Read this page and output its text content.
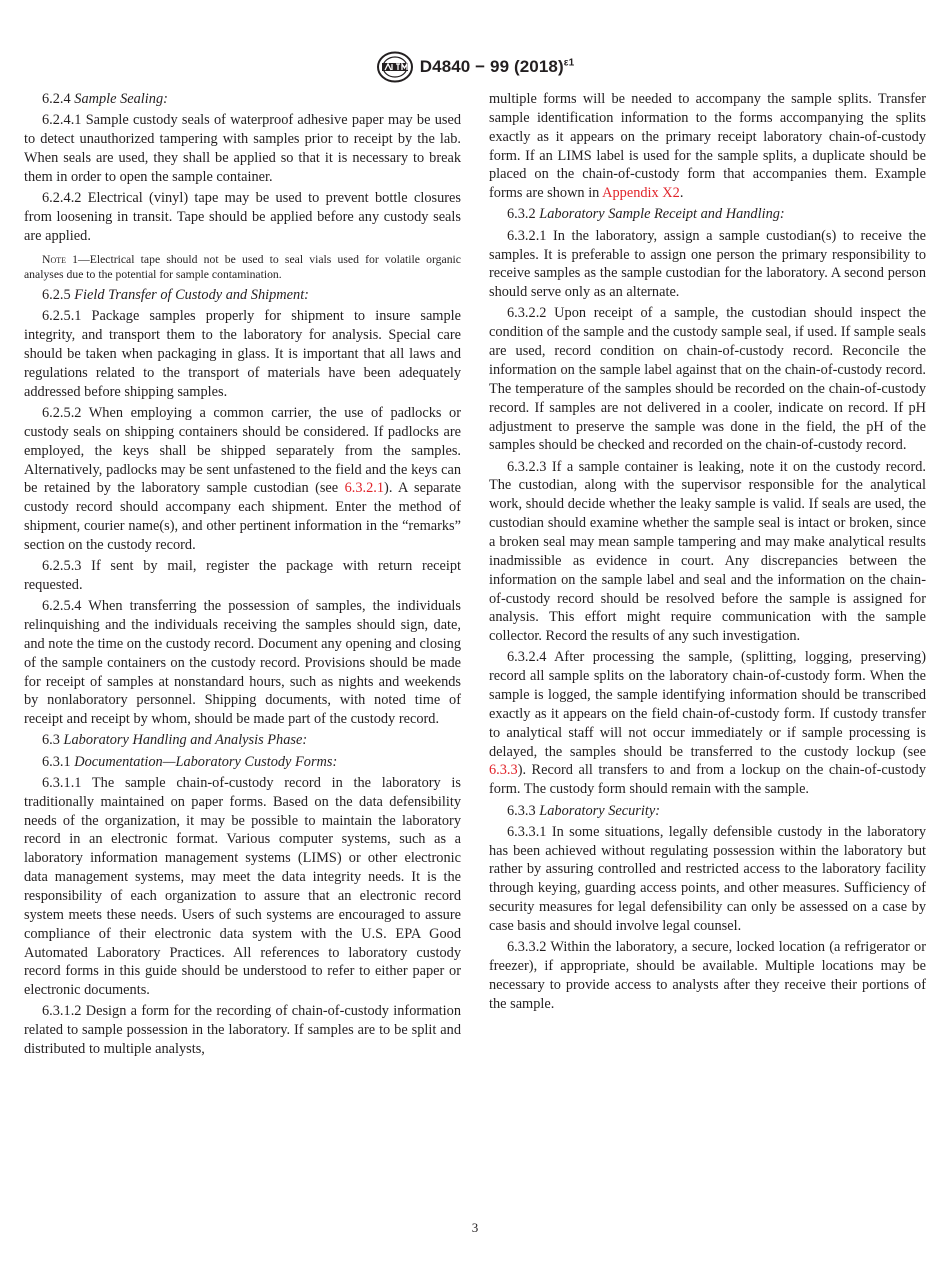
D4840 − 99 $(2018)^{\varepsilon 1}$

6.2.4 Sample Sealing:

6.2.4.1 Sample custody seals of waterproof adhesive paper may be used to detect unauthorized tampering with samples prior to receipt by the lab. When seals are used, they shall be applied so that it is necessary to break them in order to open the sample container.

6.2.4.2 Electrical (vinyl) tape may be used to prevent bottle closures from loosening in transit. Tape should be applied before any custody seals are applied.

Note 1—Electrical tape should not be used to seal vials used for volatile organic analyses due to the potential for sample contamination.

6.2.5 Field Transfer of Custody and Shipment:

6.2.5.1 Package samples properly for shipment to insure sample integrity, and transport them to the laboratory for analysis. Special care should be taken when packaging in glass. It is important that all laws and regulations related to the transport of materials have been adequately addressed before shipping samples.

6.2.5.2 When employing a common carrier, the use of padlocks or custody seals on shipping containers should be considered. If padlocks are employed, the keys shall be shipped separately from the samples. Alternatively, padlocks may be sent unfastened to the field and the keys can be retained by the laboratory sample custodian (see 6.3.2.1). A separate custody record should accompany each shipment. Enter the method of shipment, courier name(s), and other pertinent information in the “remarks” section on the custody record.

6.2.5.3 If sent by mail, register the package with return receipt requested.

6.2.5.4 When transferring the possession of samples, the individuals relinquishing and the individuals receiving the samples should sign, date, and note the time on the custody record. Document any opening and closing of the sample containers on the custody record. Provisions should be made for receipt of samples at nonstandard hours, such as nights and weekends by nonlaboratory personnel. Shipping documents, with noted time of receipt and receipt by whom, should be made part of the custody record.

6.3 Laboratory Handling and Analysis Phase:

6.3.1 Documentation—Laboratory Custody Forms:

6.3.1.1 The sample chain-of-custody record in the laboratory is traditionally maintained on paper forms. Based on the data defensibility needs of the organization, it may be possible to maintain the laboratory record in an electronic format. Various computer systems, such as a laboratory information management systems (LIMS) or other electronic data management systems, may meet the data integrity needs. It is the responsibility of each organization to assure that an electronic record system meets these needs. Users of such systems are encouraged to assure compliance of their electronic data system with the U.S. EPA Good Automated Laboratory Practices. All references to laboratory custody record forms in this guide should be understood to refer to either paper or electronic documents.

6.3.1.2 Design a form for the recording of chain-of-custody information related to sample possession in the laboratory. If samples are to be split and distributed to multiple analysts,

multiple forms will be needed to accompany the sample splits. Transfer sample identification information to the forms accompanying the splits exactly as it appears on the primary receipt laboratory chain-of-custody form. If an LIMS label is used for the sample splits, a duplicate should be placed on the chain-of-custody form that accompanies them. Example forms are shown in Appendix X2.

6.3.2 Laboratory Sample Receipt and Handling:

6.3.2.1 In the laboratory, assign a sample custodian(s) to receive the samples. It is preferable to assign one person the primary responsibility to receive samples as the sample custodian for the laboratory. A second person should serve only as an alternate.

6.3.2.2 Upon receipt of a sample, the custodian should inspect the condition of the sample and the custody sample seal, if used. If sample seals are used, record condition on chain-of-custody record. Reconcile the information on the sample label against that on the chain-of-custody record. The temperature of the samples should be recorded on the chain-of-custody record. If samples are not delivered in a cooler, indicate on record. If pH adjustment to preserve the sample was done in the field, the pH of the samples should be checked and recorded on the chain-of-custody record.

6.3.2.3 If a sample container is leaking, note it on the custody record. The custodian, along with the supervisor responsible for the analytical work, should decide whether the leaky sample is valid. If seals are used, the custodian should examine whether the sample seal is intact or broken, since a broken seal may mean sample tampering and may make analytical results inadmissible as evidence in court. Any discrepancies between the information on the sample label and seal and the information on the chain-of-custody record should be resolved before the sample is assigned for analysis. This effort might require communication with the sample collector. Record the results of any such investigation.

6.3.2.4 After processing the sample, (splitting, logging, preserving) record all sample splits on the laboratory chain-of-custody form. When the sample is logged, the sample identifying information should be transcribed exactly as it appears on the field chain-of-custody form. If custody transfer to analytical staff will not occur immediately or if sample processing is delayed, the samples should be transferred to the custody lockup (see 6.3.3). Record all transfers to and from a lockup on the chain-of-custody form. The custody form should remain with the sample.

6.3.3 Laboratory Security:

6.3.3.1 In some situations, legally defensible custody in the laboratory has been achieved without regulating possession within the laboratory but rather by assuring controlled and restricted access to the laboratory facility through keying, guarding access points, and other measures. Sufficiency of security measures for legal defensibility can only be assessed on a case by case basis and should involve legal counsel.

6.3.3.2 Within the laboratory, a secure, locked location (a refrigerator or freezer), if appropriate, should be available. Multiple locations may be necessary to provide access to analysts after they receive their portions of the sample.

3
